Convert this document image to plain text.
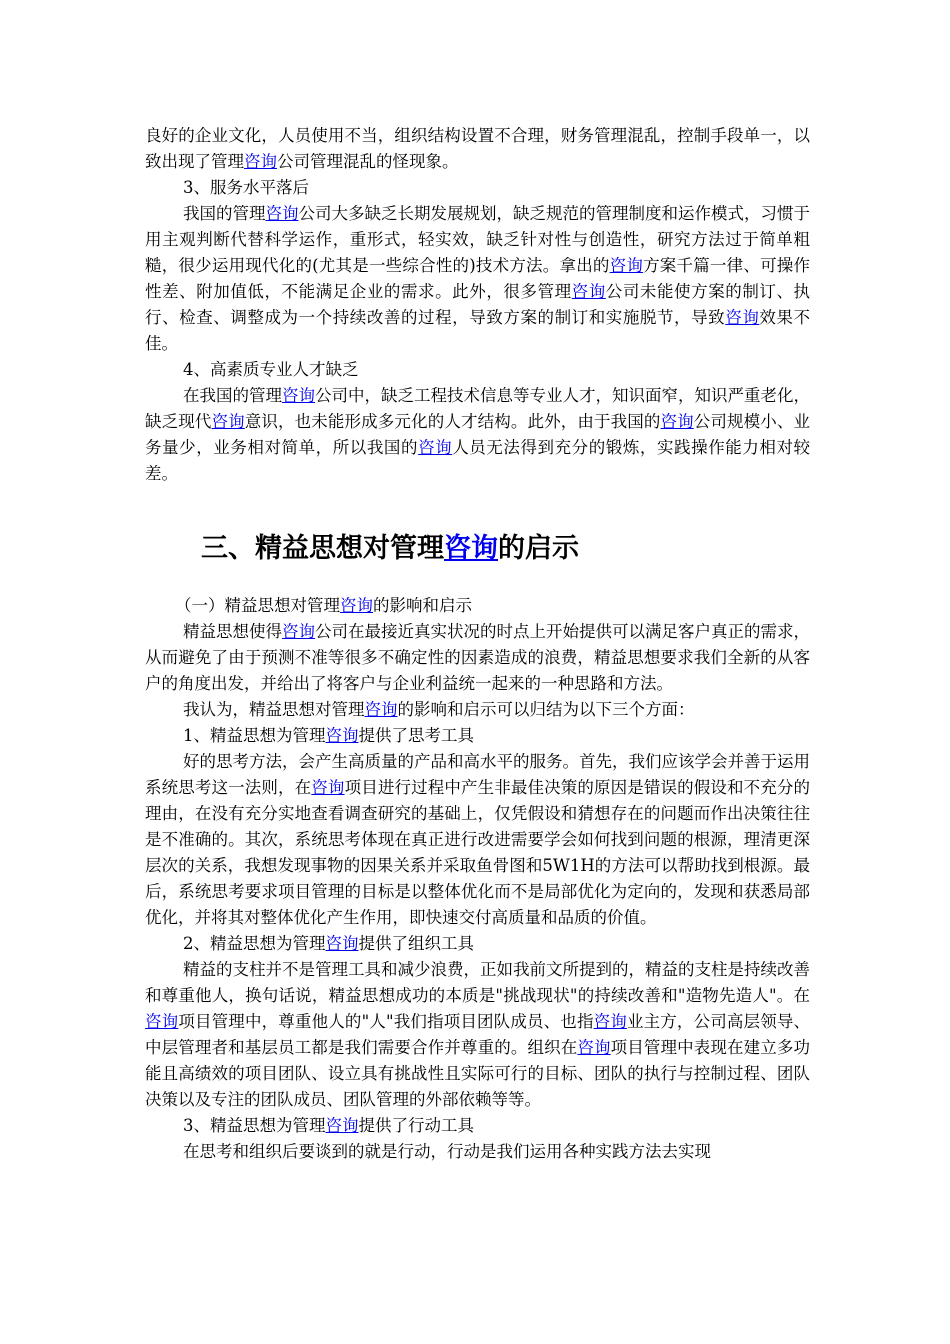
良好的企业文化，人员使用不当，组织结构设置不合理，财务管理混乱，控制手段单一，以致出现了管理咨询公司管理混乱的怪现象。

3、服务水平落后

我国的管理咨询公司大多缺乏长期发展规划，缺乏规范的管理制度和运作模式，习惯于用主观判断代替科学运作，重形式，轻实效，缺乏针对性与创造性，研究方法过于简单粗糙，很少运用现代化的(尤其是一些综合性的)技术方法。拿出的咨询方案千篇一律、可操作性差、附加值低，不能满足企业的需求。此外，很多管理咨询公司未能使方案的制订、执行、检查、调整成为一个持续改善的过程，导致方案的制订和实施脱节，导致咨询效果不佳。

4、高素质专业人才缺乏

在我国的管理咨询公司中，缺乏工程技术信息等专业人才，知识面窄，知识严重老化，缺乏现代咨询意识，也未能形成多元化的人才结构。此外，由于我国的咨询公司规模小、业务量少，业务相对简单，所以我国的咨询人员无法得到充分的锻炼，实践操作能力相对较差。

三、精益思想对管理咨询的启示

（一）精益思想对管理咨询的影响和启示

精益思想使得咨询公司在最接近真实状况的时点上开始提供可以满足客户真正的需求，从而避免了由于预测不准等很多不确定性的因素造成的浪费，精益思想要求我们全新的从客户的角度出发，并给出了将客户与企业利益统一起来的一种思路和方法。

我认为，精益思想对管理咨询的影响和启示可以归结为以下三个方面：

1、精益思想为管理咨询提供了思考工具

好的思考方法，会产生高质量的产品和高水平的服务。首先，我们应该学会并善于运用系统思考这一法则，在咨询项目进行过程中产生非最佳决策的原因是错误的假设和不充分的理由，在没有充分实地查看调查研究的基础上，仅凭假设和猜想存在的问题而作出决策往往是不准确的。其次，系统思考体现在真正进行改进需要学会如何找到问题的根源，理清更深层次的关系，我想发现事物的因果关系并采取鱼骨图和5W1H的方法可以帮助找到根源。最后，系统思考要求项目管理的目标是以整体优化而不是局部优化为定向的，发现和获悉局部优化，并将其对整体优化产生作用，即快速交付高质量和品质的价值。

2、精益思想为管理咨询提供了组织工具

精益的支柱并不是管理工具和减少浪费，正如我前文所提到的，精益的支柱是持续改善和尊重他人，换句话说，精益思想成功的本质是"挑战现状"的持续改善和"造物先造人"。在咨询项目管理中，尊重他人的"人"我们指项目团队成员、也指咨询业主方，公司高层领导、中层管理者和基层员工都是我们需要合作并尊重的。组织在咨询项目管理中表现在建立多功能且高绩效的项目团队、设立具有挑战性且实际可行的目标、团队的执行与控制过程、团队决策以及专注的团队成员、团队管理的外部依赖等等。

3、精益思想为管理咨询提供了行动工具

在思考和组织后要谈到的就是行动，行动是我们运用各种实践方法去实现
